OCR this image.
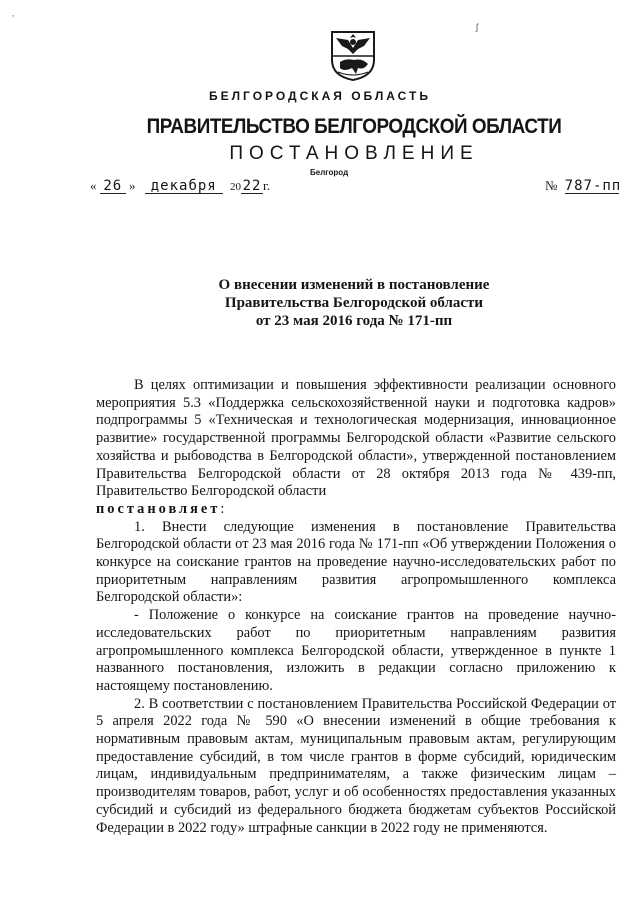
БЕЛГОРОДСКАЯ ОБЛАСТЬ
ПРАВИТЕЛЬСТВО БЕЛГОРОДСКОЙ ОБЛАСТИ
ПОСТАНОВЛЕНИЕ
Белгород
« 26 » декабря 20 22 г.	№ 787-пп
О внесении изменений в постановление
Правительства Белгородской области
от 23 мая 2016 года № 171-пп

В целях оптимизации и повышения эффективности реализации основного мероприятия 5.3 «Поддержка сельскохозяйственной науки и подготовка кадров» подпрограммы 5 «Техническая и технологическая модернизация, инновационное развитие» государственной программы Белгородской области «Развитие сельского хозяйства и рыбоводства в Белгородской области», утвержденной постановлением Правительства Белгородской области от 28 октября 2013 года № 439-пп, Правительство Белгородской области

постановляет:

1. Внести следующие изменения в постановление Правительства Белгородской области от 23 мая 2016 года № 171-пп «Об утверждении Положения о конкурсе на соискание грантов на проведение научно-исследовательских работ по приоритетным направлениям развития агропромышленного комплекса Белгородской области»:

- Положение о конкурсе на соискание грантов на проведение научно-исследовательских работ по приоритетным направлениям развития агропромышленного комплекса Белгородской области, утвержденное в пункте 1 названного постановления, изложить в редакции согласно приложению к настоящему постановлению.

2. В соответствии с постановлением Правительства Российской Федерации от 5 апреля 2022 года № 590 «О внесении изменений в общие требования к нормативным правовым актам, муниципальным правовым актам, регулирующим предоставление субсидий, в том числе грантов в форме субсидий, юридическим лицам, индивидуальным предпринимателям, а также физическим лицам – производителям товаров, работ, услуг и об особенностях предоставления указанных субсидий и субсидий из федерального бюджета бюджетам субъектов Российской Федерации в 2022 году» штрафные санкции в 2022 году не применяются.

‚
ʃ
